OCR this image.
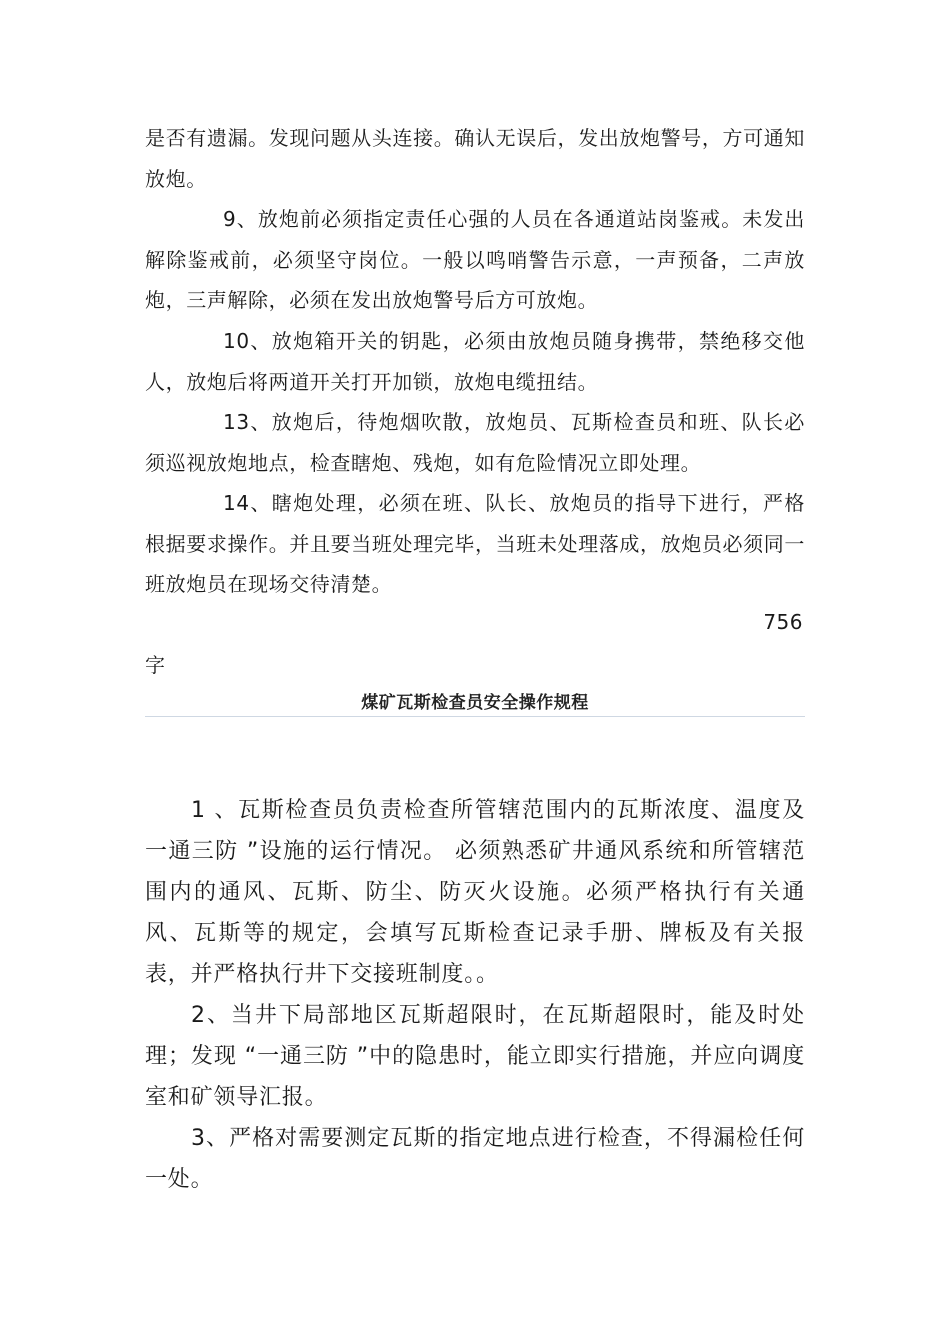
是否有遗漏。发现问题从头连接。确认无误后，发出放炮警号，方可通知放炮。

9、放炮前必须指定责任心强的人员在各通道站岗鉴戒。未发出解除鉴戒前，必须坚守岗位。一般以鸣哨警告示意，一声预备，二声放炮，三声解除，必须在发出放炮警号后方可放炮。

10、放炮箱开关的钥匙，必须由放炮员随身携带，禁绝移交他人，放炮后将两道开关打开加锁，放炮电缆扭结。

13、放炮后，待炮烟吹散，放炮员、瓦斯检查员和班、队长必须巡视放炮地点，检查瞎炮、残炮，如有危险情况立即处理。

14、瞎炮处理，必须在班、队长、放炮员的指导下进行，严格根据要求操作。并且要当班处理完毕，当班未处理落成，放炮员必须同一班放炮员在现场交待清楚。

756
字
煤矿瓦斯检查员安全操作规程

1 、瓦斯检查员负责检查所管辖范围内的瓦斯浓度、温度及一通三防 ”设施的运行情况。 必须熟悉矿井通风系统和所管辖范围内的通风、瓦斯、防尘、防灭火设施。必须严格执行有关通风、瓦斯等的规定，会填写瓦斯检查记录手册、牌板及有关报表，并严格执行井下交接班制度。。

2、当井下局部地区瓦斯超限时，在瓦斯超限时，能及时处理；发现 “一通三防 ”中的隐患时，能立即实行措施，并应向调度室和矿领导汇报。

3、严格对需要测定瓦斯的指定地点进行检查，不得漏检任何一处。
